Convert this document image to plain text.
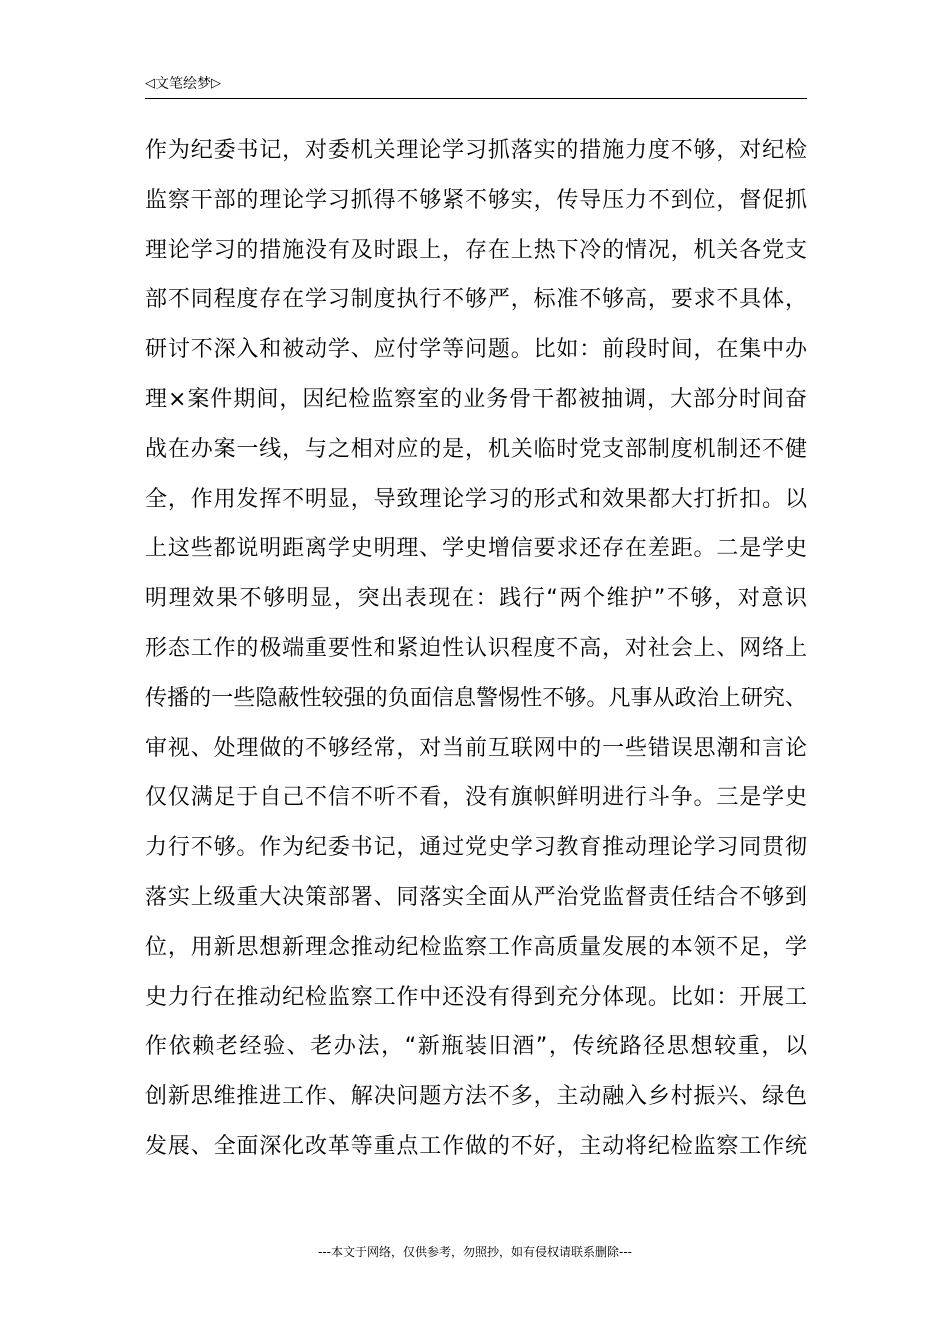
◁ 文笔绘梦 ▷
作为纪委书记，对委机关理论学习抓落实的措施力度不够，对纪检
监察干部的理论学习抓得不够紧不够实，传导压力不到位，督促抓
理论学习的措施没有及时跟上，存在上热下冷的情况，机关各党支
部不同程度存在学习制度执行不够严，标准不够高，要求不具体，
研讨不深入和被动学、应付学等问题。比如：前段时间，在集中办
理×案件期间，因纪检监察室的业务骨干都被抽调，大部分时间奋
战在办案一线，与之相对应的是，机关临时党支部制度机制还不健
全，作用发挥不明显，导致理论学习的形式和效果都大打折扣。以
上这些都说明距离学史明理、学史增信要求还存在差距。二是学史
明理效果不够明显，突出表现在：践行“两个维护”不够，对意识
形态工作的极端重要性和紧迫性认识程度不高，对社会上、网络上
传播的一些隐蔽性较强的负面信息警惕性不够。凡事从政治上研究、
审视、处理做的不够经常，对当前互联网中的一些错误思潮和言论
仅仅满足于自己不信不听不看，没有旗帜鲜明进行斗争。三是学史
力行不够。作为纪委书记，通过党史学习教育推动理论学习同贯彻
落实上级重大决策部署、同落实全面从严治党监督责任结合不够到
位，用新思想新理念推动纪检监察工作高质量发展的本领不足，学
史力行在推动纪检监察工作中还没有得到充分体现。比如：开展工
作依赖老经验、老办法，“新瓶装旧酒”，传统路径思想较重，以
创新思维推进工作、解决问题方法不多，主动融入乡村振兴、绿色
发展、全面深化改革等重点工作做的不好，主动将纪检监察工作统
---本文于网络，仅供参考，勿照抄，如有侵权请联系删除---
